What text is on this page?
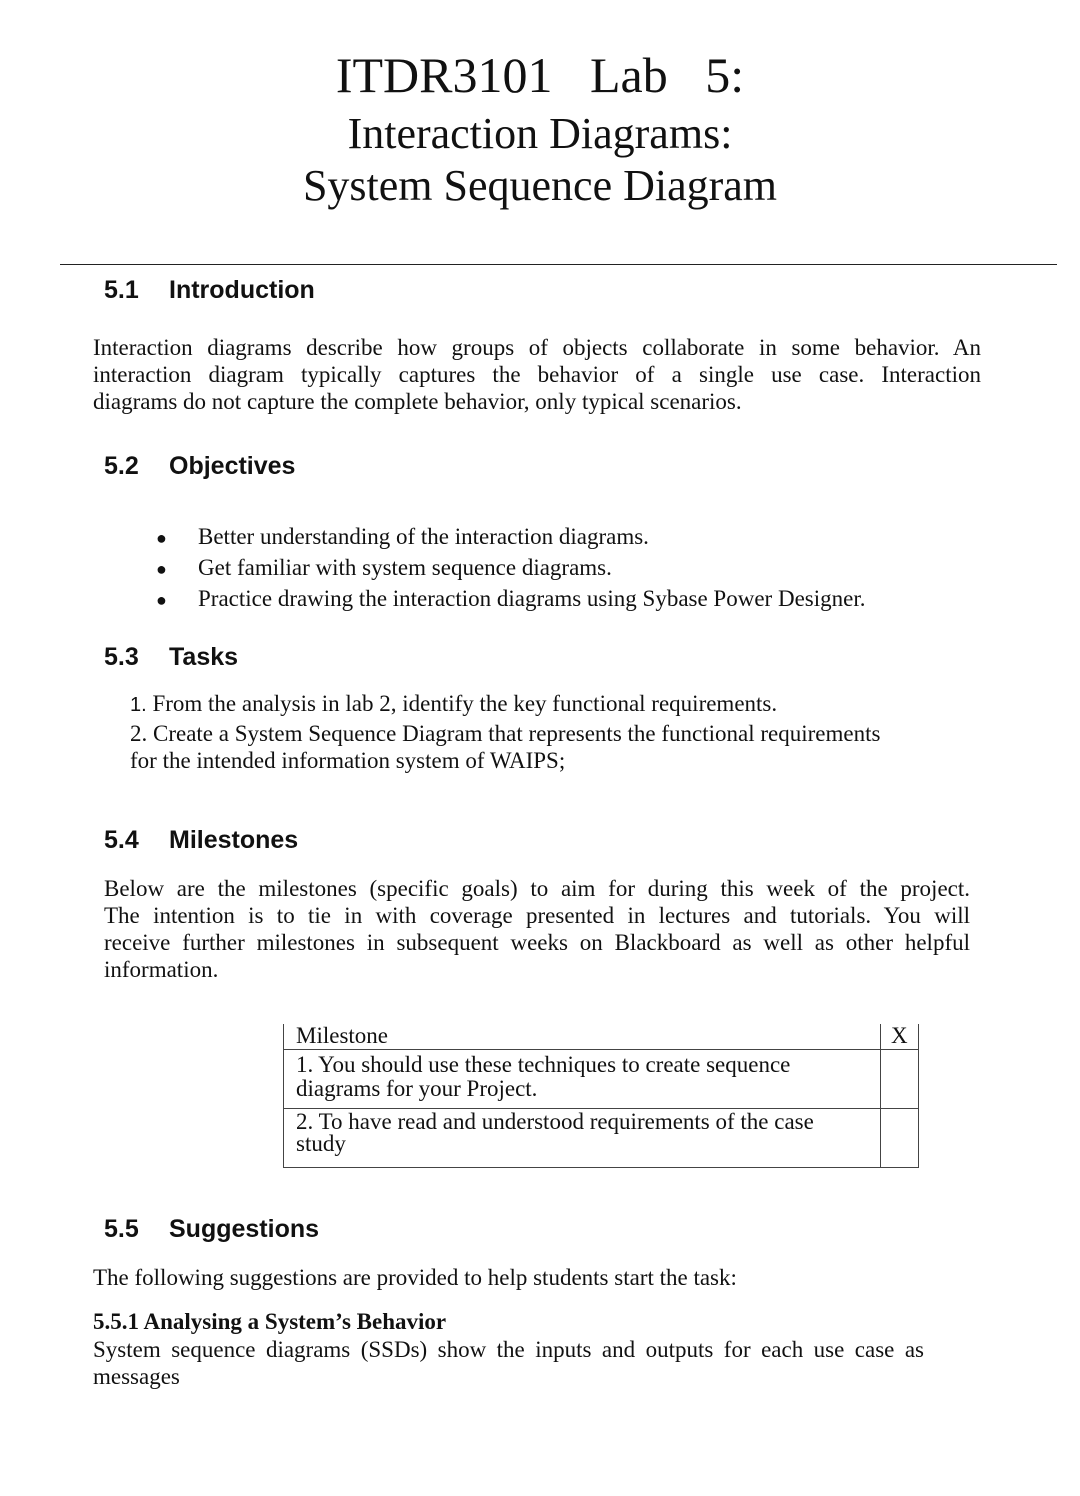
ITDR3101   Lab   5:
Interaction Diagrams:
System Sequence Diagram
5.1 Introduction
Interaction diagrams describe how groups of objects collaborate in some behavior. An
interaction diagram typically captures the behavior of a single use case. Interaction
diagrams do not capture the complete behavior, only typical scenarios.
5.2 Objectives
●	Better understanding of the interaction diagrams.
●	Get familiar with system sequence diagrams.
●	Practice drawing the interaction diagrams using Sybase Power Designer.
5.3 Tasks
1. From the analysis in lab 2, identify the key functional requirements.
2. Create a System Sequence Diagram that represents the functional requirements
for the intended information system of WAIPS;
5.4 Milestones
Below are the milestones (specific goals) to aim for during this week of the project.
The intention is to tie in with coverage presented in lectures and tutorials. You will
receive further milestones in subsequent weeks on Blackboard as well as other helpful
information.
Milestone	X
1. You should use these techniques to create sequence
diagrams for your Project.
2. To have read and understood requirements of the case
study
5.5 Suggestions
The following suggestions are provided to help students start the task:
5.5.1 Analysing a System’s Behavior
System sequence diagrams (SSDs) show the inputs and outputs for each use case as
messages
